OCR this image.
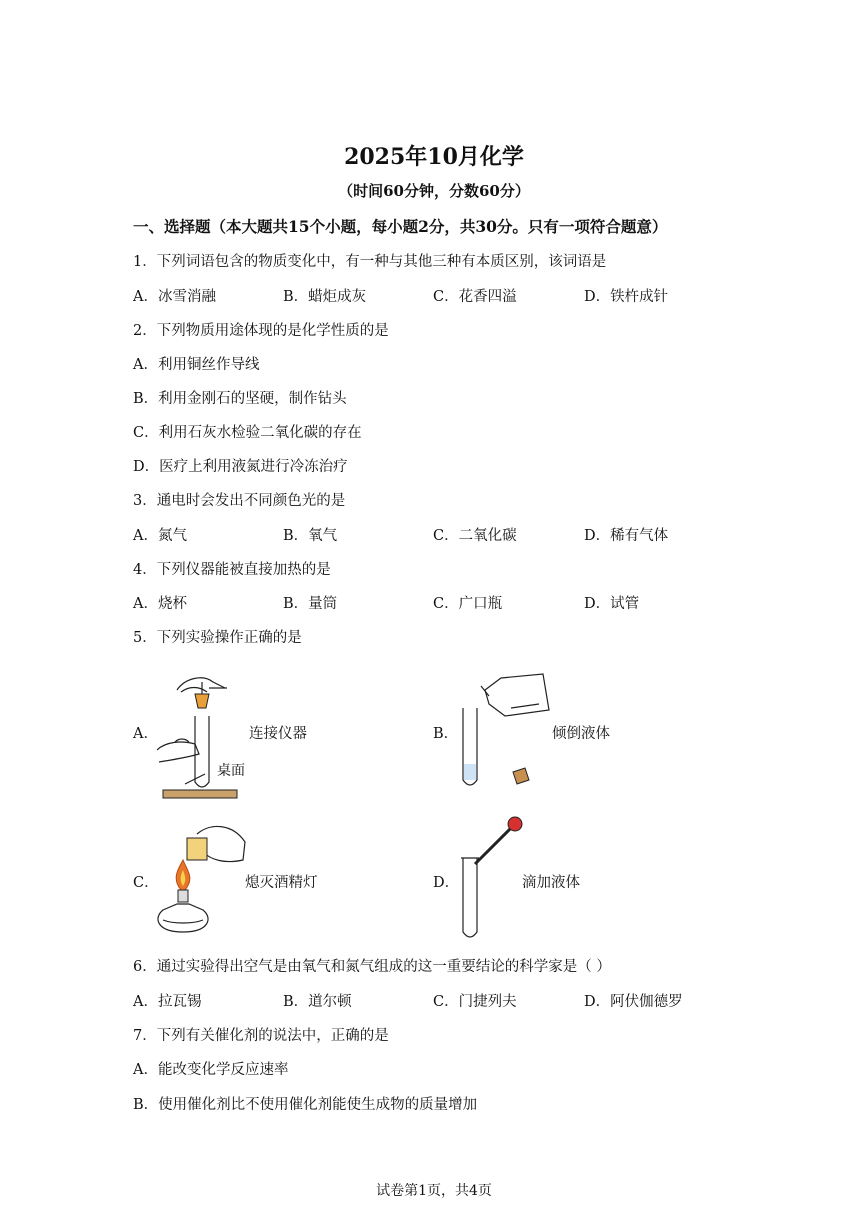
2025年10月化学
（时间60分钟，分数60分）
一、选择题（本大题共15个小题，每小题2分，共30分。只有一项符合题意）
1．下列词语包含的物质变化中，有一种与其他三种有本质区别，该词语是
A．冰雪消融	B．蜡炬成灰	C．花香四溢	D．铁杵成针
2．下列物质用途体现的是化学性质的是
A．利用铜丝作导线
B．利用金刚石的坚硬，制作钻头
C．利用石灰水检验二氧化碳的存在
D．医疗上利用液氮进行冷冻治疗
3．通电时会发出不同颜色光的是
A．氮气	B．氧气	C．二氧化碳	D．稀有气体
4．下列仪器能被直接加热的是
A．烧杯	B．量筒	C．广口瓶	D．试管
5．下列实验操作正确的是
A．
桌面
连接仪器	B．	倾倒液体
C．	熄灭酒精灯	D．	滴加液体
6．通过实验得出空气是由氧气和氮气组成的这一重要结论的科学家是（ ）
A．拉瓦锡	B．道尔顿	C．门捷列夫	D．阿伏伽德罗
7．下列有关催化剂的说法中，正确的是
A．能改变化学反应速率
B．使用催化剂比不使用催化剂能使生成物的质量增加
试卷第1页，共4页
